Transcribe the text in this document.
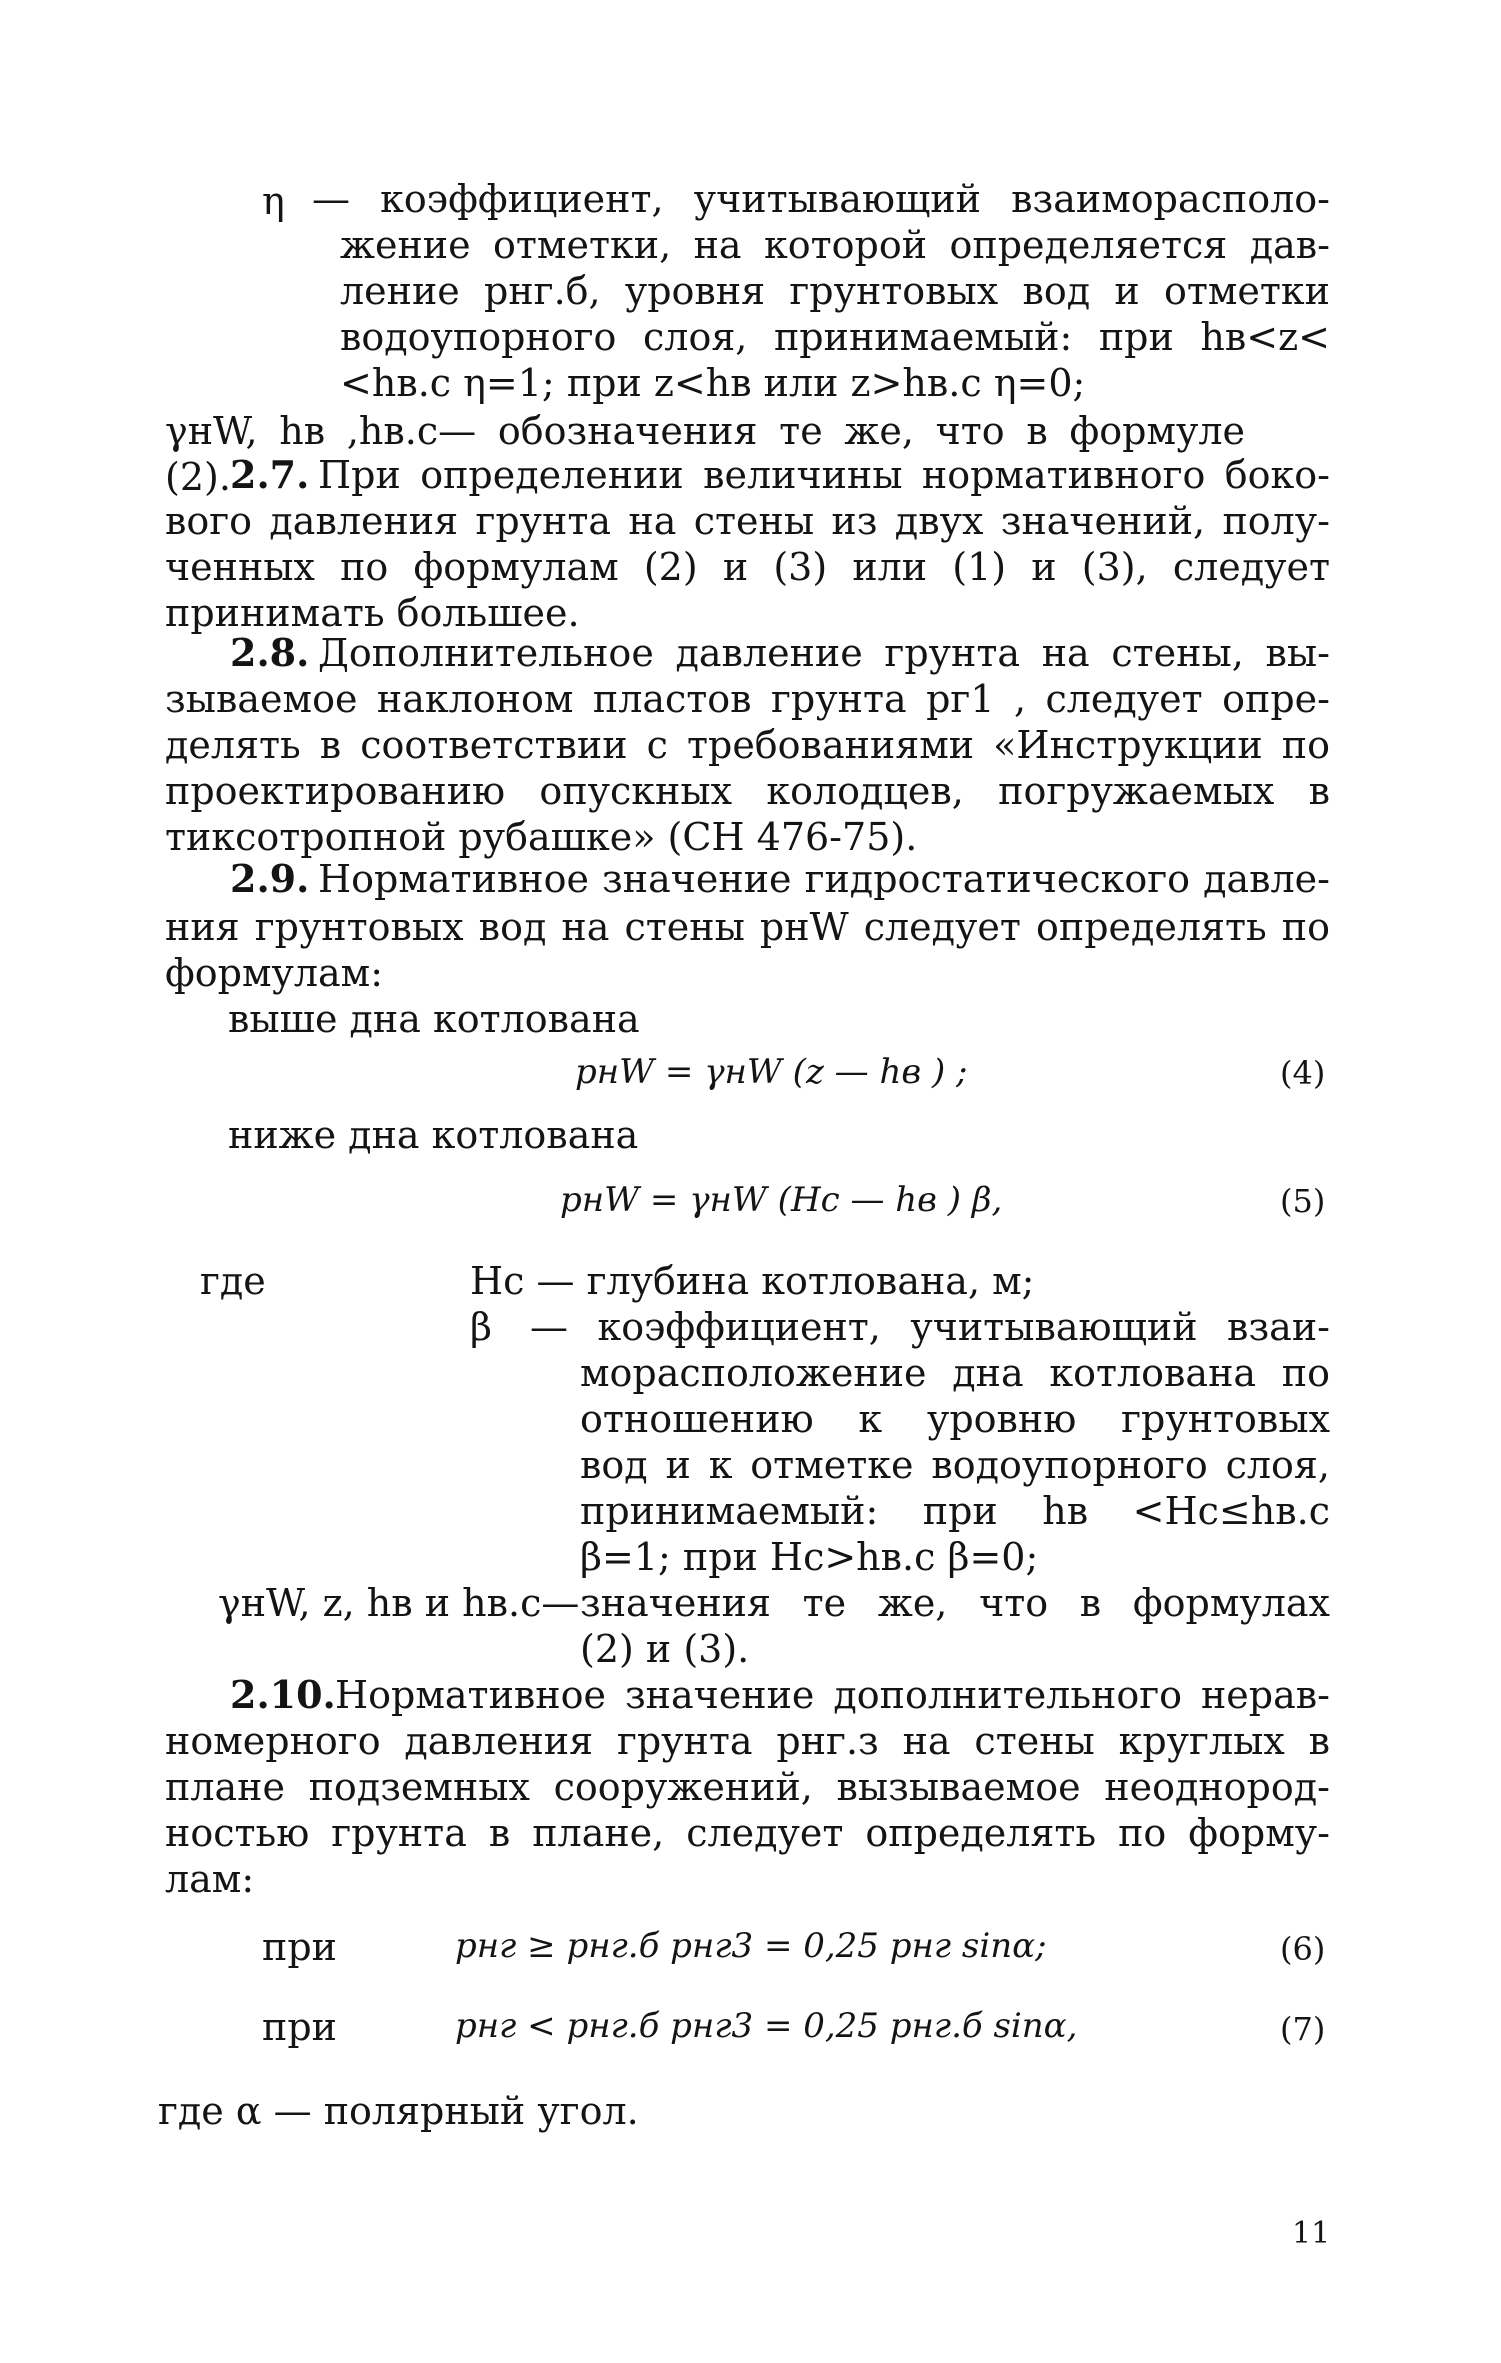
η — коэффициент, учитывающий взаиморасполо-
жение отметки, на которой определяется дав-
ление pнг.б, уровня грунтовых вод и отметки
водоупорного слоя, принимаемый: при hв<z<
<hв.с η=1; при z<hв или z>hв.с η=0;
γнW, hв ,hв.с— обозначения те же, что в формуле (2). 2.7. При определении величины нормативного боко-
вого давления грунта на стены из двух значений, полу-
ченных по формулам (2) и (3) или (1) и (3), следует
принимать большее.
2.8. Дополнительное давление грунта на стены, вы-
зываемое наклоном пластов грунта pг1 , следует опре-
делять в соответствии с требованиями «Инструкции по
проектированию опускных колодцев, погружаемых в
тиксотропной рубашке» (СН 476-75).
2.9. Нормативное значение гидростатического давле-
ния грунтовых вод на стены pнW следует определять по
формулам:
выше дна котлована
pнW = γнW (z — hв ) ;	(4)
ниже дна котлована
pнW = γнW (Hс — hв ) β,	(5)
где	Hс — глубина котлована, м;
β — коэффициент, учитывающий взаи-
морасположение дна котлована по
отношению к уровню грунтовых
вод и к отметке водоупорного слоя,
принимаемый: при hв <Hс≤hв.с
β=1; при Hс>hв.с β=0;
γнW, z, hв и hв.с— значения те же, что в формулах
(2) и (3).
2.10. Нормативное значение дополнительного нерав-
номерного давления грунта pнг.з на стены круглых в
плане подземных сооружений, вызываемое неоднород-
ностью грунта в плане, следует определять по форму-
лам:
при	pнг ≥ pнг.б pнг3 = 0,25 pнг sinα;	(6)
при	pнг < pнг.б pнг3 = 0,25 pнг.б sinα,	(7)
где α — полярный угол.
11
